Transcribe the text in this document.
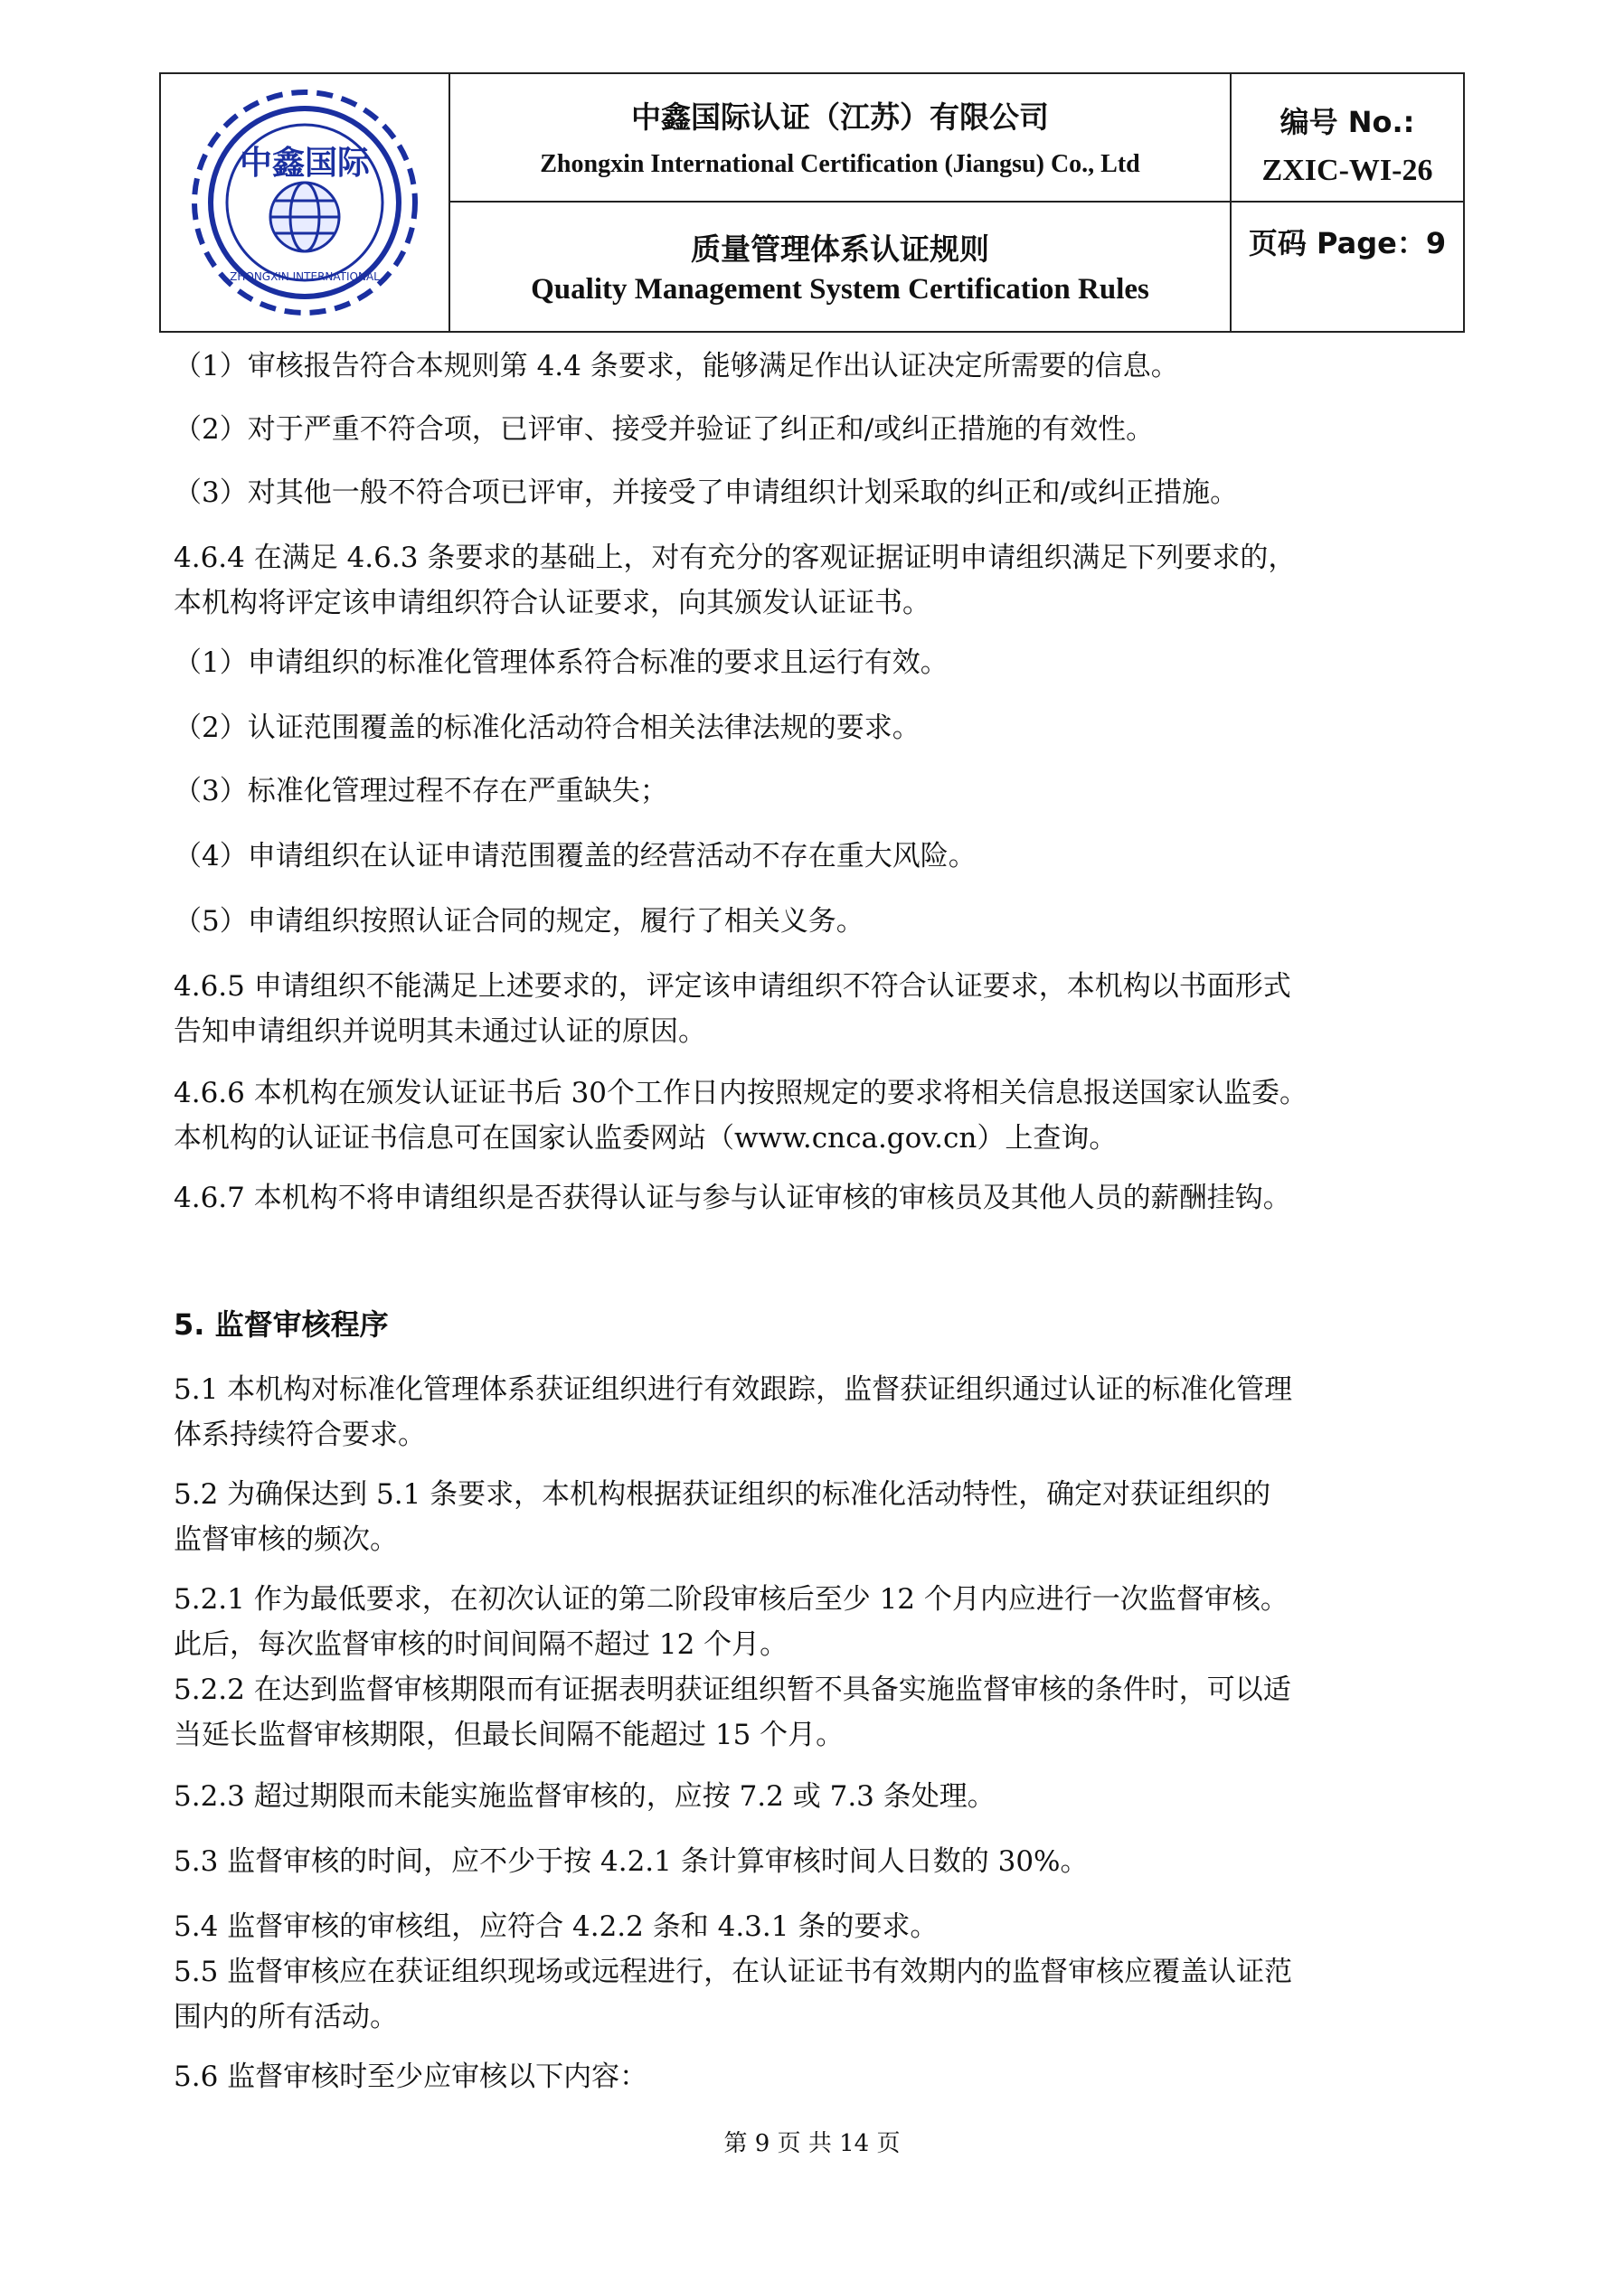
中鑫国际
ZHONGXIN INTERNATIONAL
中鑫国际认证（江苏）有限公司
Zhongxin International Certification (Jiangsu) Co., Ltd
质量管理体系认证规则
Quality Management System Certification Rules
编号 No.:
ZXIC-WI-26
页码 Page：9

（1）审核报告符合本规则第 4.4 条要求，能够满足作出认证决定所需要的信息。

（2）对于严重不符合项，已评审、接受并验证了纠正和/或纠正措施的有效性。

（3）对其他一般不符合项已评审，并接受了申请组织计划采取的纠正和/或纠正措施。

4.6.4 在满足 4.6.3 条要求的基础上，对有充分的客观证据证明申请组织满足下列要求的，
本机构将评定该申请组织符合认证要求，向其颁发认证证书。

（1）申请组织的标准化管理体系符合标准的要求且运行有效。

（2）认证范围覆盖的标准化活动符合相关法律法规的要求。

（3）标准化管理过程不存在严重缺失；

（4）申请组织在认证申请范围覆盖的经营活动不存在重大风险。

（5）申请组织按照认证合同的规定，履行了相关义务。

4.6.5 申请组织不能满足上述要求的，评定该申请组织不符合认证要求，本机构以书面形式
告知申请组织并说明其未通过认证的原因。

4.6.6 本机构在颁发认证证书后 30个工作日内按照规定的要求将相关信息报送国家认监委。
本机构的认证证书信息可在国家认监委网站（www.cnca.gov.cn）上查询。

4.6.7 本机构不将申请组织是否获得认证与参与认证审核的审核员及其他人员的薪酬挂钩。

5. 监督审核程序

5.1 本机构对标准化管理体系获证组织进行有效跟踪，监督获证组织通过认证的标准化管理
体系持续符合要求。

5.2 为确保达到 5.1 条要求，本机构根据获证组织的标准化活动特性，确定对获证组织的
监督审核的频次。

5.2.1 作为最低要求，在初次认证的第二阶段审核后至少 12 个月内应进行一次监督审核。
此后，每次监督审核的时间间隔不超过 12 个月。
5.2.2 在达到监督审核期限而有证据表明获证组织暂不具备实施监督审核的条件时，可以适
当延长监督审核期限，但最长间隔不能超过 15 个月。

5.2.3 超过期限而未能实施监督审核的，应按 7.2 或 7.3 条处理。

5.3 监督审核的时间，应不少于按 4.2.1 条计算审核时间人日数的 30%。

5.4 监督审核的审核组，应符合 4.2.2 条和 4.3.1 条的要求。
5.5 监督审核应在获证组织现场或远程进行，在认证证书有效期内的监督审核应覆盖认证范
围内的所有活动。

5.6 监督审核时至少应审核以下内容：

第 9 页 共 14 页
